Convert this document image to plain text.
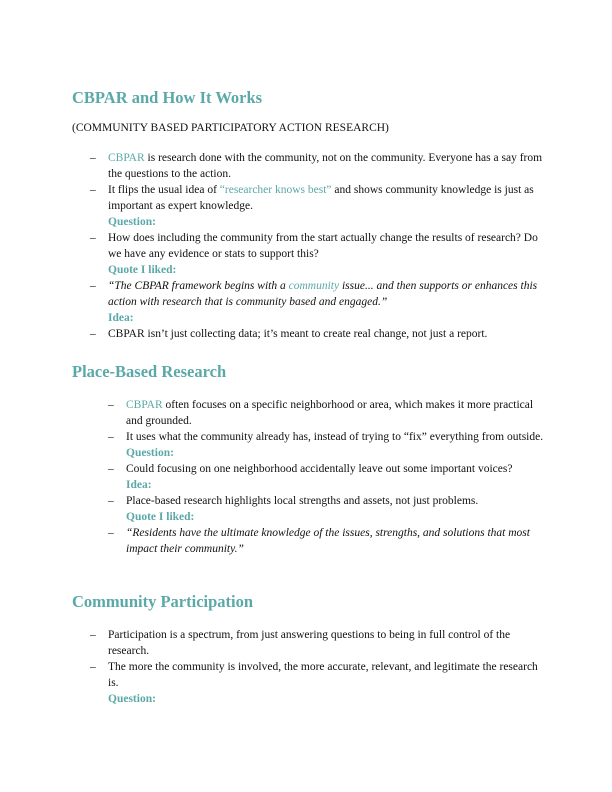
CBPAR and How It Works

(COMMUNITY BASED PARTICIPATORY ACTION RESEARCH)

– CBPAR is research done with the community, not on the community. Everyone has a say from the questions to the action.
– It flips the usual idea of “researcher knows best” and shows community knowledge is just as important as expert knowledge.
Question:
– How does including the community from the start actually change the results of research? Do we have any evidence or stats to support this?
Quote I liked:
– “The CBPAR framework begins with a community issue... and then supports or enhances this action with research that is community based and engaged.”
Idea:
– CBPAR isn’t just collecting data; it’s meant to create real change, not just a report.
Place-Based Research
– CBPAR often focuses on a specific neighborhood or area, which makes it more practical and grounded.
– It uses what the community already has, instead of trying to “fix” everything from outside.
Question:
– Could focusing on one neighborhood accidentally leave out some important voices?
Idea:
– Place-based research highlights local strengths and assets, not just problems.
Quote I liked:
– “Residents have the ultimate knowledge of the issues, strengths, and solutions that most impact their community.”
Community Participation
– Participation is a spectrum, from just answering questions to being in full control of the research.
– The more the community is involved, the more accurate, relevant, and legitimate the research is.
Question:
